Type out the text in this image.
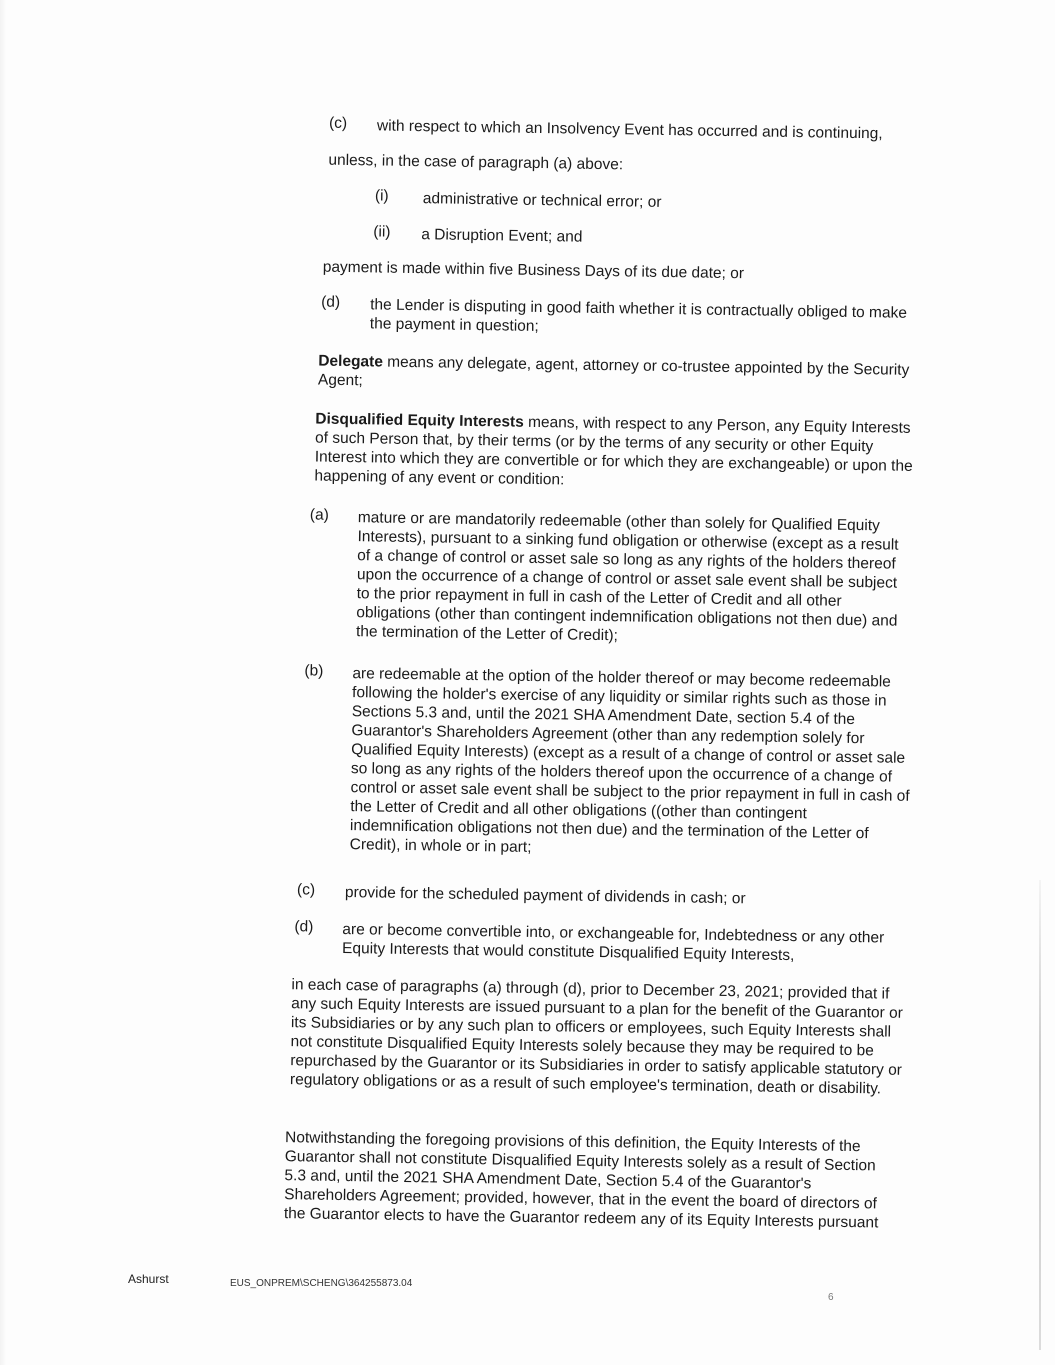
(c) with respect to which an Insolvency Event has occurred and is continuing,

unless, in the case of paragraph (a) above:

(i) administrative or technical error; or
(ii) a Disruption Event; and

payment is made within five Business Days of its due date; or

(d) the Lender is disputing in good faith whether it is contractually obliged to make the payment in question;

Delegate means any delegate, agent, attorney or co-trustee appointed by the Security Agent;

Disqualified Equity Interests means, with respect to any Person, any Equity Interests of such Person that, by their terms (or by the terms of any security or other Equity Interest into which they are convertible or for which they are exchangeable) or upon the happening of any event or condition:

(a) mature or are mandatorily redeemable (other than solely for Qualified Equity Interests), pursuant to a sinking fund obligation or otherwise (except as a result of a change of control or asset sale so long as any rights of the holders thereof upon the occurrence of a change of control or asset sale event shall be subject to the prior repayment in full in cash of the Letter of Credit and all other obligations (other than contingent indemnification obligations not then due) and the termination of the Letter of Credit);
(b) are redeemable at the option of the holder thereof or may become redeemable following the holder's exercise of any liquidity or similar rights such as those in Sections 5.3 and, until the 2021 SHA Amendment Date, section 5.4 of the Guarantor's Shareholders Agreement (other than any redemption solely for Qualified Equity Interests) (except as a result of a change of control or asset sale so long as any rights of the holders thereof upon the occurrence of a change of control or asset sale event shall be subject to the prior repayment in full in cash of the Letter of Credit and all other obligations ((other than contingent indemnification obligations not then due) and the termination of the Letter of Credit), in whole or in part;
(c) provide for the scheduled payment of dividends in cash; or
(d) are or become convertible into, or exchangeable for, Indebtedness or any other Equity Interests that would constitute Disqualified Equity Interests,

in each case of paragraphs (a) through (d), prior to December 23, 2021; provided that if any such Equity Interests are issued pursuant to a plan for the benefit of the Guarantor or its Subsidiaries or by any such plan to officers or employees, such Equity Interests shall not constitute Disqualified Equity Interests solely because they may be required to be repurchased by the Guarantor or its Subsidiaries in order to satisfy applicable statutory or regulatory obligations or as a result of such employee's termination, death or disability.

Notwithstanding the foregoing provisions of this definition, the Equity Interests of the Guarantor shall not constitute Disqualified Equity Interests solely as a result of Section 5.3 and, until the 2021 SHA Amendment Date, Section 5.4 of the Guarantor's Shareholders Agreement; provided, however, that in the event the board of directors of the Guarantor elects to have the Guarantor redeem any of its Equity Interests pursuant

Ashurst	EUS_ONPREM\SCHENG\364255873.04
6
